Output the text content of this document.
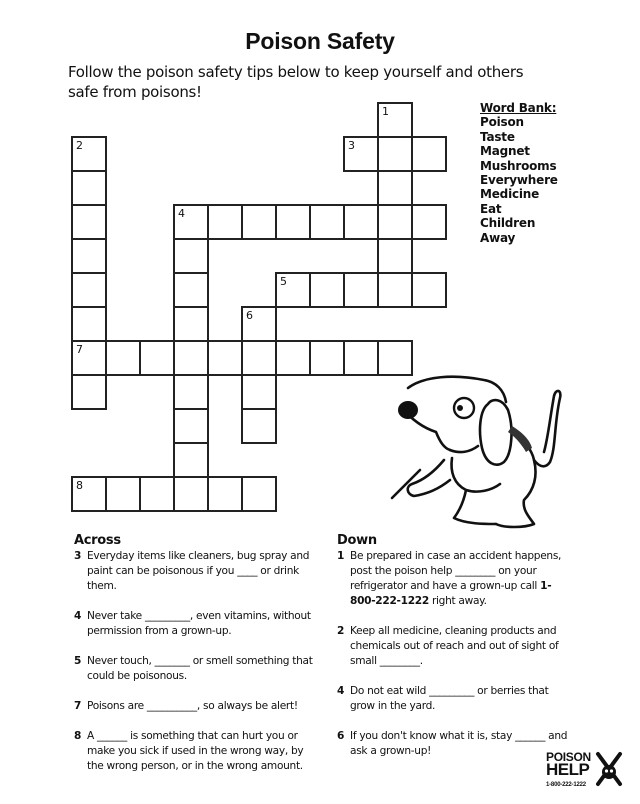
Poison Safety
Follow the poison safety tips below to keep yourself and others safe from poisons!
1
2
7
3
4
5
6
8
Word Bank:
Poison
Taste
Magnet
Mushrooms
Everywhere
Medicine
Eat
Children
Away
Across
3 Everyday items like cleaners, bug spray and paint can be poisonous if you ____ or drink them.
4 Never take _________, even vitamins, without permission from a grown-up.
5 Never touch, _______ or smell something that could be poisonous.
7 Poisons are __________, so always be alert!
8 A ______ is something that can hurt you or make you sick if used in the wrong way, by the wrong person, or in the wrong amount.
Down
1 Be prepared in case an accident happens, post the poison help ________ on your refrigerator and have a grown-up call 1-800-222-1222 right away.
2 Keep all medicine, cleaning products and chemicals out of reach and out of sight of small ________.
4 Do not eat wild _________ or berries that grow in the yard.
6 If you don't know what it is, stay ______ and ask a grown-up!	POISON
HELP
1-800-222-1222
